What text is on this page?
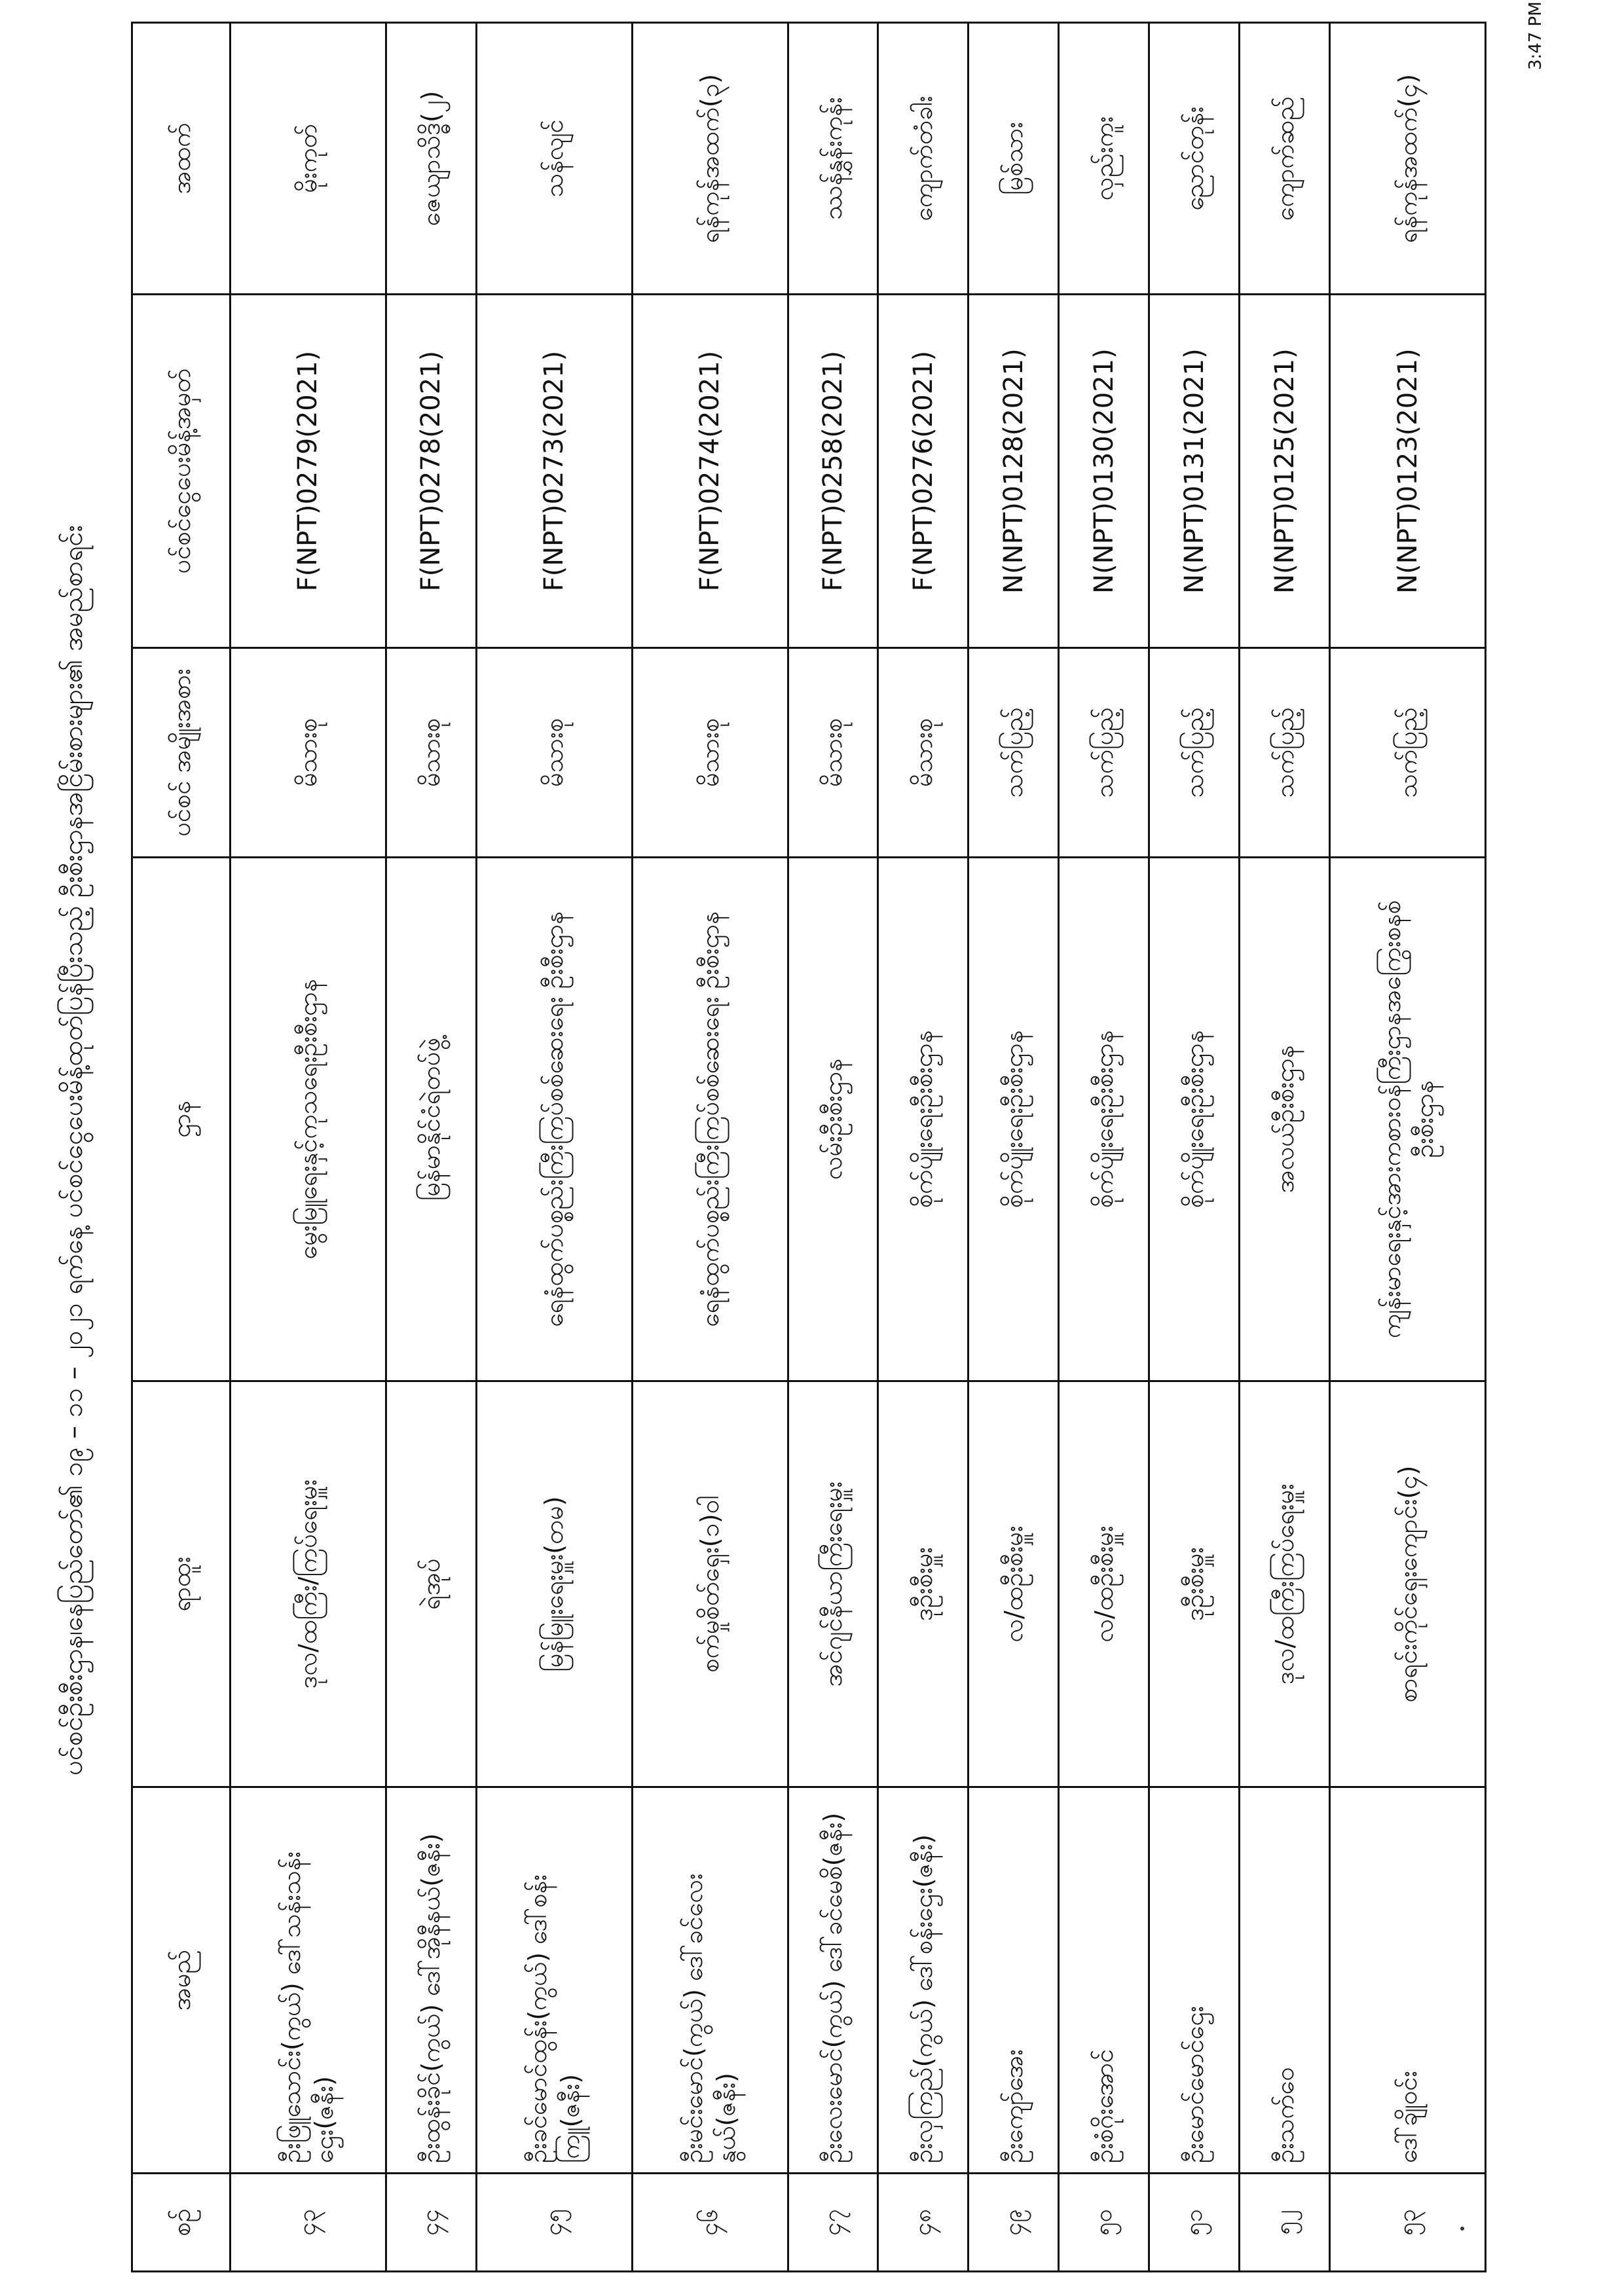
ပင်စင်ဦးစီးဌာန၊နေပြည်တော်၏ ၁၉ – ၁၁ – ၂၀၂၁ ရက်နေ့ ပင်စင်ငွေပေးမိန့်ထုတ်ပြန်ပြီးသည့် ဦးစီးဌာနအငြိမ်းစားများ၏ အမည်စာရင်း
စဉ်	အမည်	ရာထူး	ဌာန	ပင်စင် အမျိုးအစား	ပင်စင်ငွေပေးမိန့်အမှတ်	အထက်
၄၃	ဦးဖြူသောင်း(ကွယ်) ဒေါ်သန်းသန်းဌေး(ဇနီး)	ဒုလ/ထကြီး/ကြပ်ရေးမှူး	မွေးမြူရေးနှင့်ကုသရေးဦးစီးဌာန	မိသားစု	F(NPT)0279(2021)	မိုးကုတ်
၄၄	ဦးထွန်းခိုင်(ကွယ်) ဒေါ်အိုနီနယ်(ဇနီး)	ရဲအုပ်	မြန်မာနိုင်ငံရဲတပ်ဖွဲ့	မိသားစု	F(NPT)0278(2021)	ဇေယျာသိဒ္ဓိ(၂)
၄၅	ဦးခင်မောင်ထွန်း(ကွယ်) ဒေါ်စန်းကြူ(ဇနီး)	မြန်မြူးရေးမှူး(တမ)	ရေနံထွက်ပစ္စည်းကြီးကြပ်စစ်ဆေးရေး ဦးစီးဌာန	မိသားစု	F(NPT)0273(2021)	သန်လျင်
၄၆	ဦးမင်းမောင်(ကွယ်) ဒေါ်ခင်လေးနွယ်(ဇနီး)	စက်မှုစိတ်ရှေး(၁)ဝါ	ရေနံထွက်ပစ္စည်းကြီးကြပ်စစ်ဆေးရေး ဦးစီးဌာန	မိသားစု	F(NPT)0274(2021)	ရန်ကုန်အထက်(၃)
၄၇	ဦးလေးမောင်(ကွယ်) ဒေါ်ခင်မေစိ(ဇနီး)	အင်ဂျင်နီယာကြီးရေးမှူး	လမ်းဦးစီးဌာန	မိသားစု	F(NPT)0258(2021)	ဿန်နွှန်းကုန်း
၄၈	ဦးလှကြည်(ကွယ်) ဒေါ်စန်းဌေး(ဇနီး)	ဒုဦးစီးမှူး	စိုက်ပျိုးရေးဦးစီးဌာန	မိသားစု	F(NPT)0276(2021)	ကျောက်တံခါး
၄၉	ဦးကျော်အေး	လ/ထဦးစီးမှူး	စိုက်ပျိုးရေးဦးစီးဌာန	သက်ပြည့်	N(NPT)0128(2021)	မြစ်သား
၅၀	ဦးစံဂိုးအောင်	လ/ထဦးစီးမှူး	စိုက်ပျိုးရေးဦးစီးဌာန	သက်ပြည့်	N(NPT)0130(2021)	လှည်းကူး
၅၁	ဦးမောင်မောင်ဌေး	ဒုဦးစီးမှူး	စိုက်ပျိုးရေးဦးစီးဌာန	သက်ပြည့်	N(NPT)0131(2021)	ညောင်တုန်း
၅၂	ဦးသက်ဝေ	ဒုလ/ထကြီးကြပ်ရေးမှူး	အလယ်ဦးစီးဌာန	သက်ပြည့်	N(NPT)0125(2021)	ကျောက်ဆည်
၅၃	ဒေါ်ချိုဝင်း	စာရင်းကိုင်ရှေးကျောင်း(၄)	ကျန်းမာရေးနှင့်အားကစားဝန်ကြီးဌာနအကြွေးစနစ် ဦးစီးဌာန	သက်ပြည့်	N(NPT)0123(2021)	ရန်ကုန်အထက်(၄)
3:47 PM
